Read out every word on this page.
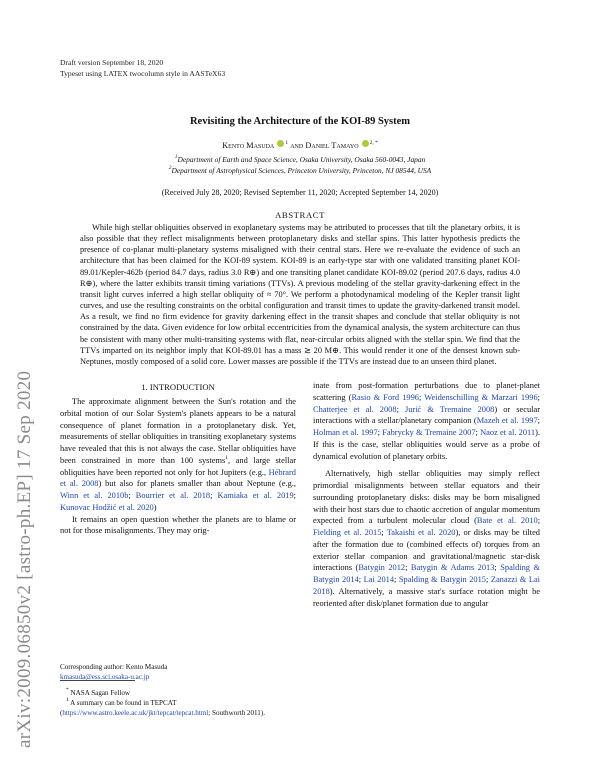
arXiv:2009.06850v2 [astro-ph.EP] 17 Sep 2020
Draft version September 18, 2020
Typeset using LATEX twocolumn style in AASTeX63
Revisiting the Architecture of the KOI-89 System
Kento Masuda $^1$ and Daniel Tamayo $^{2, *}$
$^1$Department of Earth and Space Science, Osaka University, Osaka 560-0043, Japan
$^2$Department of Astrophysical Sciences, Princeton University, Princeton, NJ 08544, USA
(Received July 28, 2020; Revised September 11, 2020; Accepted September 14, 2020)
ABSTRACT
While high stellar obliquities observed in exoplanetary systems may be attributed to processes that tilt the planetary orbits, it is also possible that they reflect misalignments between protoplanetary disks and stellar spins. This latter hypothesis predicts the presence of co-planar multi-planetary systems misaligned with their central stars. Here we re-evaluate the evidence of such an architecture that has been claimed for the KOI-89 system. KOI-89 is an early-type star with one validated transiting planet KOI-89.01/Kepler-462b (period 84.7 days, radius 3.0 R⊕) and one transiting planet candidate KOI-89.02 (period 207.6 days, radius 4.0 R⊕), where the latter exhibits transit timing variations (TTVs). A previous modeling of the stellar gravity-darkening effect in the transit light curves inferred a high stellar obliquity of ≈ 70°. We perform a photodynamical modeling of the Kepler transit light curves, and use the resulting constraints on the orbital configuration and transit times to update the gravity-darkened transit model. As a result, we find no firm evidence for gravity darkening effect in the transit shapes and conclude that stellar obliquity is not constrained by the data. Given evidence for low orbital eccentricities from the dynamical analysis, the system architecture can thus be consistent with many other multi-transiting systems with flat, near-circular orbits aligned with the stellar spin. We find that the TTVs imparted on its neighbor imply that KOI-89.01 has a mass ≳ 20 M⊕. This would render it one of the densest known sub-Neptunes, mostly composed of a solid core. Lower masses are possible if the TTVs are instead due to an unseen third planet.
1. INTRODUCTION

The approximate alignment between the Sun's rotation and the orbital motion of our Solar System's planets appears to be a natural consequence of planet formation in a protoplanetary disk. Yet, measurements of stellar obliquities in transiting exoplanetary systems have revealed that this is not always the case. Stellar obliquities have been constrained in more than 100 systems$^1$, and large stellar obliquities have been reported not only for hot Jupiters (e.g., Hébrard et al. 2008) but also for planets smaller than about Neptune (e.g., Winn et al. 2010b; Bourrier et al. 2018; Kamiaka et al. 2019; Kunovac Hodžić et al. 2020)

It remains an open question whether the planets are to blame or not for those misalignments. They may orig-

inate from post-formation perturbations due to planet-planet scattering (Rasio & Ford 1996; Weidenschilling & Marzari 1996; Chatterjee et al. 2008; Jurić & Tremaine 2008) or secular interactions with a stellar/planetary companion (Mazeh et al. 1997; Holman et al. 1997; Fabrycky & Tremaine 2007; Naoz et al. 2011). If this is the case, stellar obliquities would serve as a probe of dynamical evolution of planetary orbits.

Alternatively, high stellar obliquities may simply reflect primordial misalignments between stellar equators and their surrounding protoplanetary disks: disks may be born misaligned with their host stars due to chaotic accretion of angular momentum expected from a turbulent molecular cloud (Bate et al. 2010; Fielding et al. 2015; Takaishi et al. 2020), or disks may be tilted after the formation due to (combined effects of) torques from an exterior stellar companion and gravitational/magnetic star-disk interactions (Batygin 2012; Batygin & Adams 2013; Spalding & Batygin 2014; Lai 2014; Spalding & Batygin 2015; Zanazzi & Lai 2018). Alternatively, a massive star's surface rotation might be reoriented after disk/planet formation due to angular

Corresponding author: Kento Masuda
kmasuda@ess.sci.osaka-u.ac.jp
* NASA Sagan Fellow
$^1$ A summary can be found in TEPCAT (https://www.astro.keele.ac.uk/jkt/tepcat/tepcat.html; Southworth 2011).
